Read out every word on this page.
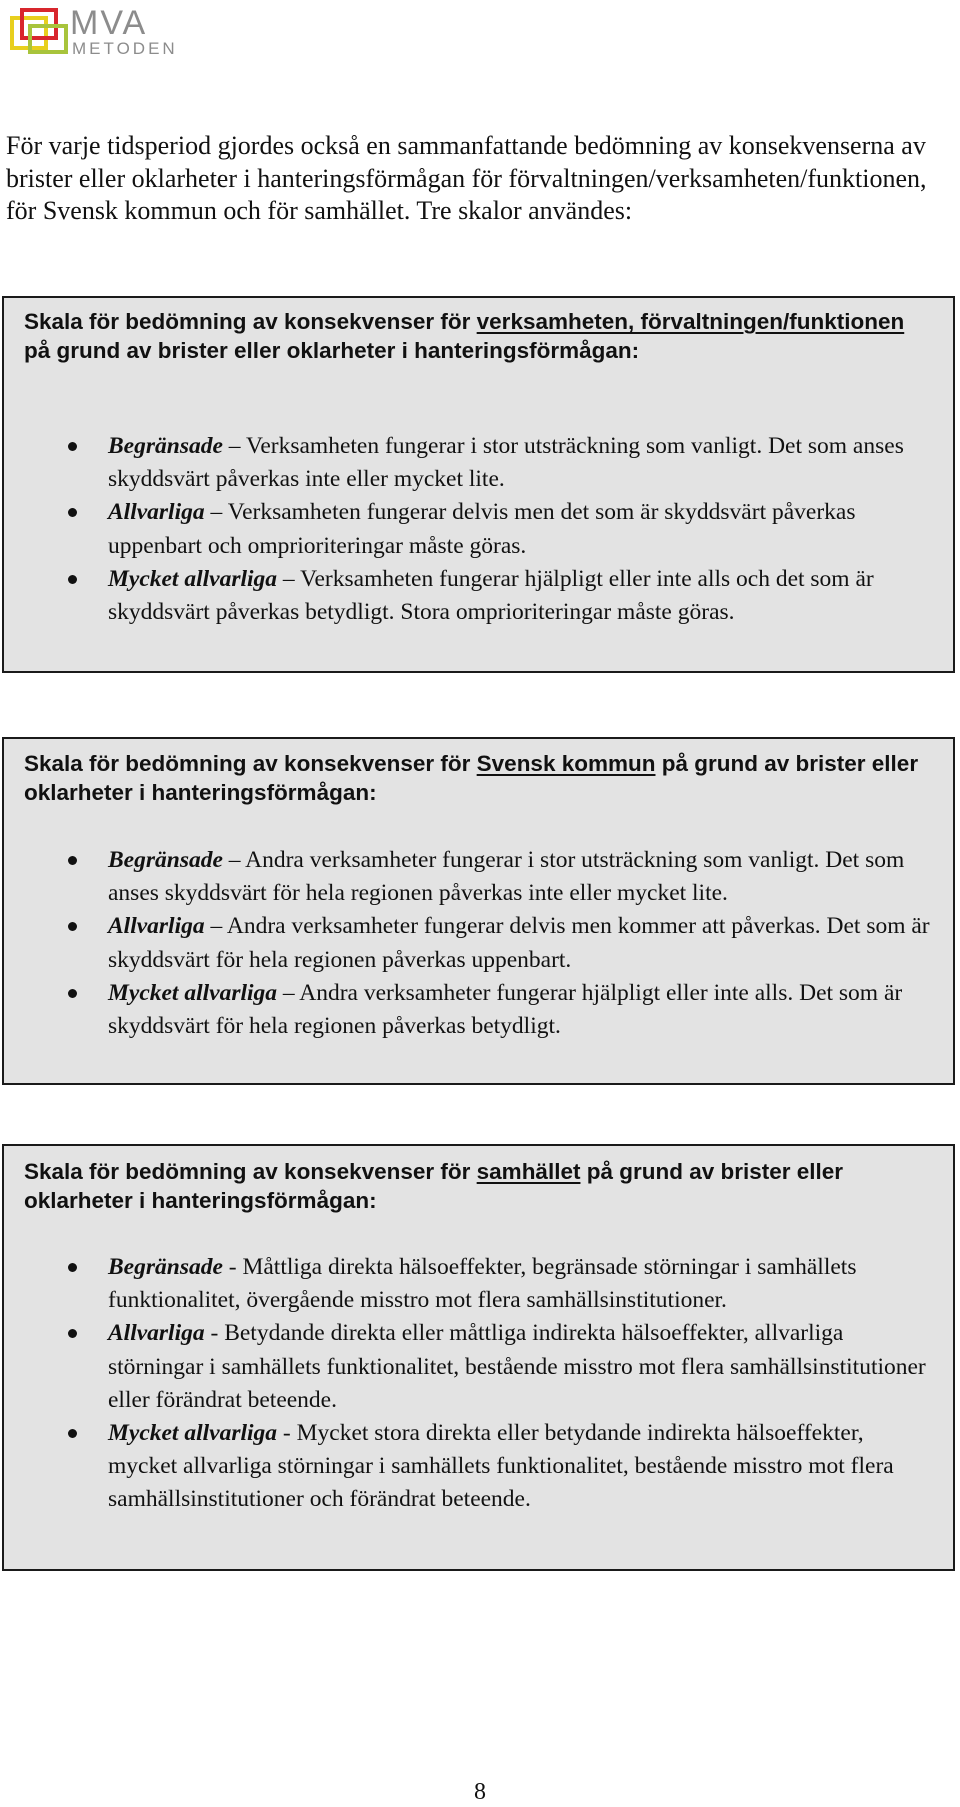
MVA
METODEN

För varje tidsperiod gjordes också en sammanfattande bedömning av konsekvenserna av brister eller oklarheter i hanteringsförmågan för förvaltningen/verksamheten/funktionen, för Svensk kommun och för samhället. Tre skalor användes:

Skala för bedömning av konsekvenser för verksamheten, förvaltningen/funktionen på grund av brister eller oklarheter i hanteringsförmågan:

Begränsade – Verksamheten fungerar i stor utsträckning som vanligt. Det som anses skyddsvärt påverkas inte eller mycket lite.
Allvarliga – Verksamheten fungerar delvis men det som är skyddsvärt påverkas uppenbart och omprioriteringar måste göras.
Mycket allvarliga – Verksamheten fungerar hjälpligt eller inte alls och det som är skyddsvärt påverkas betydligt. Stora omprioriteringar måste göras.

Skala för bedömning av konsekvenser för Svensk kommun på grund av brister eller oklarheter i hanteringsförmågan:

Begränsade – Andra verksamheter fungerar i stor utsträckning som vanligt. Det som anses skyddsvärt för hela regionen påverkas inte eller mycket lite.
Allvarliga – Andra verksamheter fungerar delvis men kommer att påverkas. Det som är skyddsvärt för hela regionen påverkas uppenbart.
Mycket allvarliga – Andra verksamheter fungerar hjälpligt eller inte alls. Det som är skyddsvärt för hela regionen påverkas betydligt.

Skala för bedömning av konsekvenser för samhället på grund av brister eller oklarheter i hanteringsförmågan:

Begränsade - Måttliga direkta hälsoeffekter, begränsade störningar i samhällets funktionalitet, övergående misstro mot flera samhällsinstitutioner.
Allvarliga - Betydande direkta eller måttliga indirekta hälsoeffekter, allvarliga störningar i samhällets funktionalitet, bestående misstro mot flera samhällsinstitutioner eller förändrat beteende.
Mycket allvarliga - Mycket stora direkta eller betydande indirekta hälsoeffekter, mycket allvarliga störningar i samhällets funktionalitet, bestående misstro mot flera samhällsinstitutioner och förändrat beteende.
8
